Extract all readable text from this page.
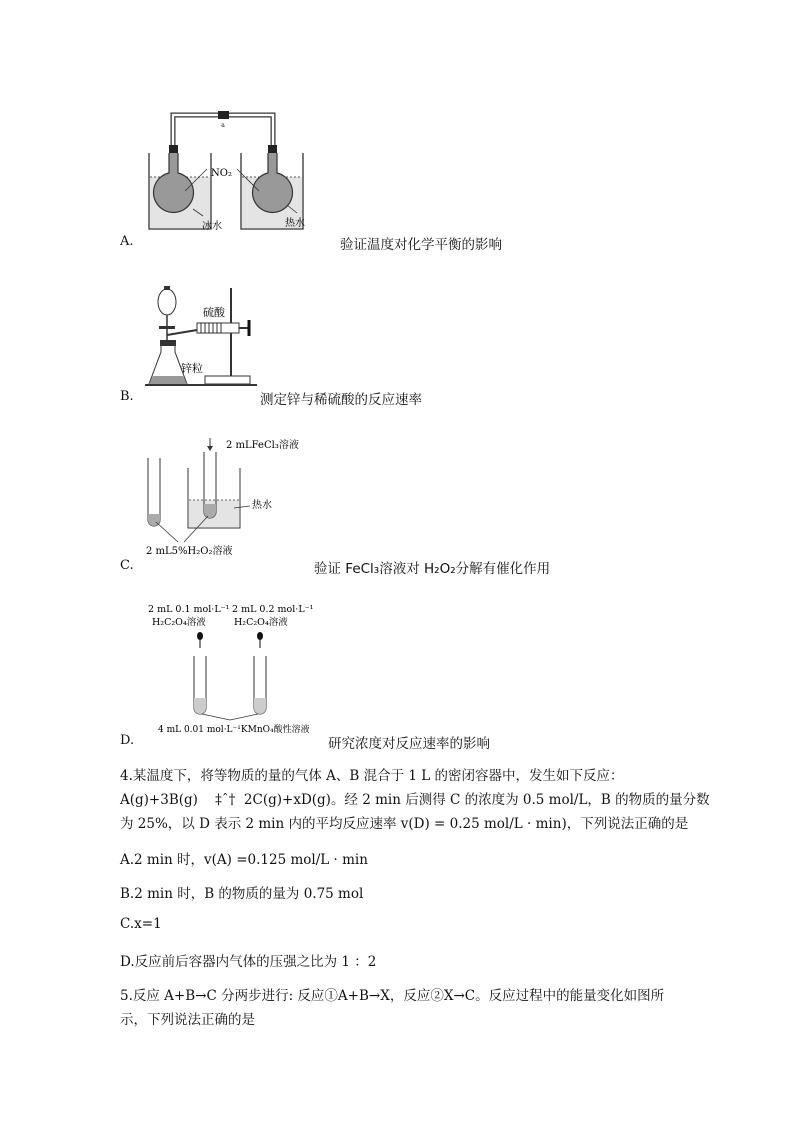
a
NO₂
冰水	热水
A.	验证温度对化学平衡的影响
硫酸
锌粒
B.	测定锌与稀硫酸的反应速率
2 mLFeCl₃溶液
热水
2 mL5%H₂O₂溶液
C.	验证 FeCl₃溶液对 H₂O₂分解有催化作用
2 mL 0.1 mol·L⁻¹
H₂C₂O₄溶液
2 mL 0.2 mol·L⁻¹
H₂C₂O₄溶液
4 mL 0.01 mol·L⁻¹KMnO₄酸性溶液
D.	研究浓度对反应速率的影响
4.某温度下，将等物质的量的气体 A、B 混合于 1 L 的密闭容器中，发生如下反应：
A(g)+3B(g)    ‡ˆ†  2C(g)+xD(g)。经 2 min 后测得 C 的浓度为 0.5 mol/L，B 的物质的量分数
为 25%，以 D 表示 2 min 内的平均反应速率 v(D) = 0.25 mol/L · min)，下列说法正确的是
A.2 min 时，v(A) =0.125 mol/L · min
B.2 min 时，B 的物质的量为 0.75 mol
C.x=1
D.反应前后容器内气体的压强之比为 1 ：2
5.反应 A+B→C 分两步进行: 反应①A+B→X，反应②X→C。反应过程中的能量变化如图所
示，下列说法正确的是
